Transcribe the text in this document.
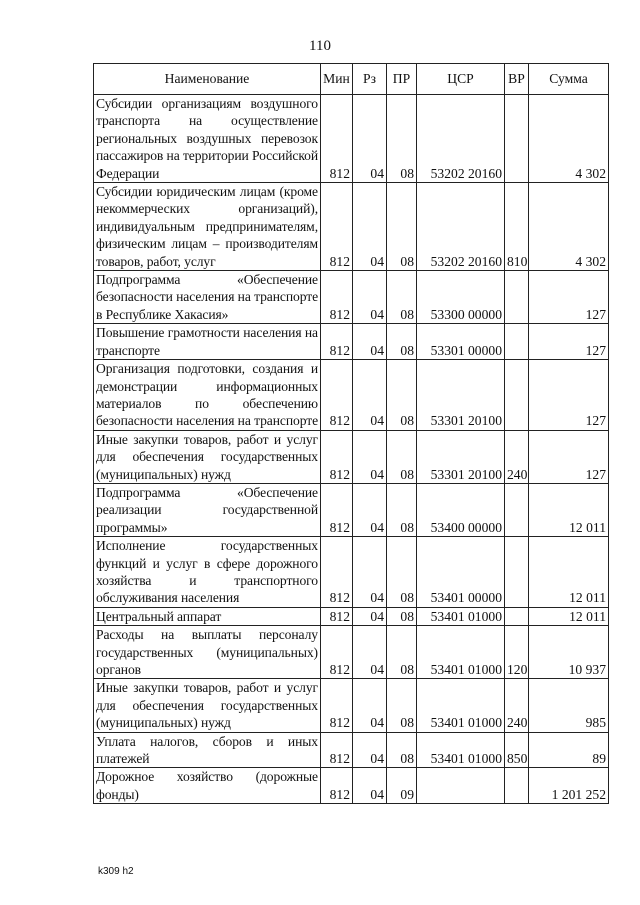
110
Наименование	Мин	Рз	ПР	ЦСР	ВР	Сумма
Субсидии организациям воздушного транспорта на осуществление региональных воздушных перевозок пассажиров на территории Российской Федерации	812	04	08	53202 20160		4 302
Субсидии юридическим лицам (кроме некоммерческих организаций), индивидуальным предпринимателям, физическим лицам – производителям товаров, работ, услуг	812	04	08	53202 20160	810	4 302
Подпрограмма «Обеспечение безопасности населения на транспорте в Республике Хакасия»	812	04	08	53300 00000		127
Повышение грамотности населения на транспорте	812	04	08	53301 00000		127
Организация подготовки, создания и демонстрации информационных материалов по обеспечению безопасности населения на транспорте	812	04	08	53301 20100		127
Иные закупки товаров, работ и услуг для обеспечения государственных (муниципальных) нужд	812	04	08	53301 20100	240	127
Подпрограмма «Обеспечение реализации государственной программы»	812	04	08	53400 00000		12 011
Исполнение государственных функций и услуг в сфере дорожного хозяйства и транспортного обслуживания населения	812	04	08	53401 00000		12 011
Центральный аппарат	812	04	08	53401 01000		12 011
Расходы на выплаты персоналу государственных (муниципальных) органов	812	04	08	53401 01000	120	10 937
Иные закупки товаров, работ и услуг для обеспечения государственных (муниципальных) нужд	812	04	08	53401 01000	240	985
Уплата налогов, сборов и иных платежей	812	04	08	53401 01000	850	89
Дорожное хозяйство (дорожные фонды)	812	04	09			1 201 252
k309 h2
